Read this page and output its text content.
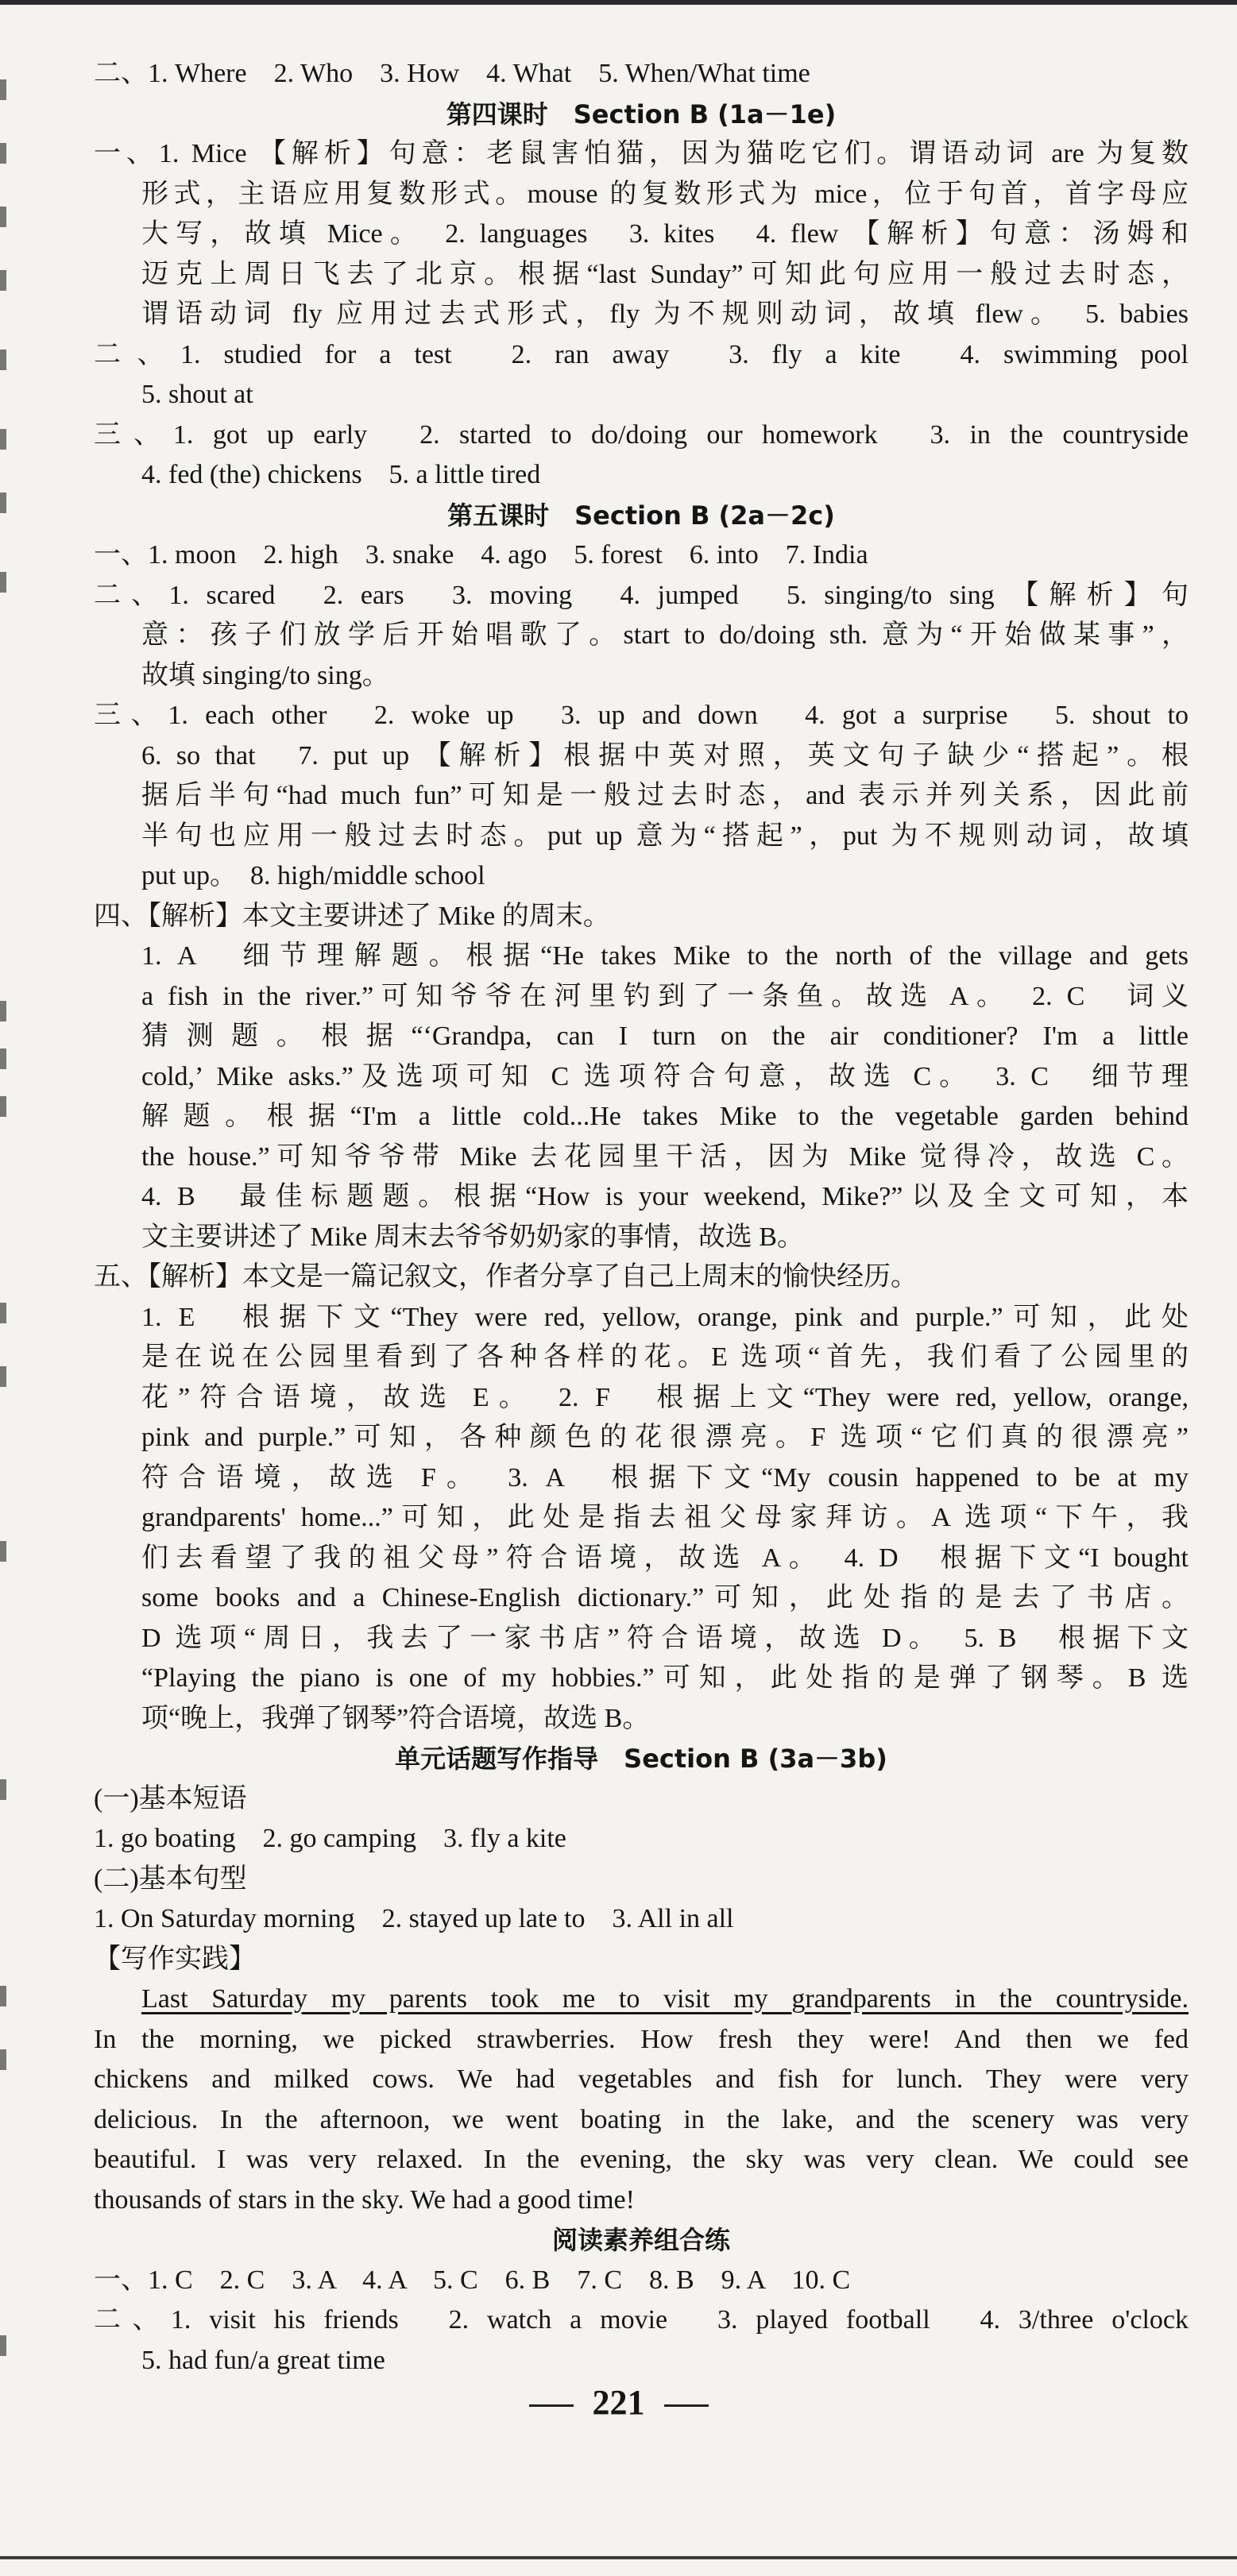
二、1. Where　2. Who　3. How　4. What　5. When/What time
第四课时　Section B (1a－1e)
一、1. Mice 【解析】句意：老鼠害怕猫，因为猫吃它们。谓语动词 are 为复数
形式，主语应用复数形式。mouse 的复数形式为 mice，位于句首，首字母应
大写，故填 Mice。　2. languages　3. kites　4. flew 【解析】句意：汤姆和
迈克上周日飞去了北京。根据“last Sunday”可知此句应用一般过去时态，
谓语动词 fly 应用过去式形式，fly 为不规则动词，故填 flew。　5. babies
二、1. studied for a test　2. ran away　3. fly a kite　4. swimming pool
5. shout at
三、1. got up early　2. started to do/doing our homework　3. in the countryside
4. fed (the) chickens　5. a little tired
第五课时　Section B (2a－2c)
一、1. moon　2. high　3. snake　4. ago　5. forest　6. into　7. India
二、1. scared　2. ears　3. moving　4. jumped　5. singing/to sing 【解析】句
意：孩子们放学后开始唱歌了。start to do/doing sth. 意为“开始做某事”，
故填 singing/to sing。
三、1. each other　2. woke up　3. up and down　4. got a surprise　5. shout to
6. so that　7. put up 【解析】根据中英对照，英文句子缺少“搭起”。根
据后半句“had much fun”可知是一般过去时态，and 表示并列关系，因此前
半句也应用一般过去时态。put up 意为“搭起”，put 为不规则动词，故填
put up。　8. high/middle school
四、【解析】本文主要讲述了 Mike 的周末。
1. A　细节理解题。根据“He takes Mike to the north of the village and gets
a fish in the river.”可知爷爷在河里钓到了一条鱼。故选 A。　2. C　词义
猜测题。根据“‘Grandpa, can I turn on the air conditioner? I'm a little
cold,’ Mike asks.”及选项可知 C 选项符合句意，故选 C。　3. C　细节理
解题。根据“I'm a little cold...He takes Mike to the vegetable garden behind
the house.”可知爷爷带 Mike 去花园里干活，因为 Mike 觉得冷，故选 C。
4. B　最佳标题题。根据“How is your weekend, Mike?”以及全文可知，本
文主要讲述了 Mike 周末去爷爷奶奶家的事情，故选 B。
五、【解析】本文是一篇记叙文，作者分享了自己上周末的愉快经历。
1. E　根据下文“They were red, yellow, orange, pink and purple.”可知，此处
是在说在公园里看到了各种各样的花。E 选项“首先，我们看了公园里的
花”符合语境，故选 E。　2. F　根据上文“They were red, yellow, orange,
pink and purple.”可知，各种颜色的花很漂亮。F 选项“它们真的很漂亮”
符合语境，故选 F。　3. A　根据下文“My cousin happened to be at my
grandparents' home...”可知，此处是指去祖父母家拜访。A 选项“下午，我
们去看望了我的祖父母”符合语境，故选 A。　4. D　根据下文“I bought
some books and a Chinese-English dictionary.”可知，此处指的是去了书店。
D 选项“周日，我去了一家书店”符合语境，故选 D。　5. B　根据下文
“Playing the piano is one of my hobbies.”可知，此处指的是弹了钢琴。B 选
项“晚上，我弹了钢琴”符合语境，故选 B。
单元话题写作指导　Section B (3a－3b)
(一)基本短语
1. go boating　2. go camping　3. fly a kite
(二)基本句型
1. On Saturday morning　2. stayed up late to　3. All in all
【写作实践】
Last Saturday my parents took me to visit my grandparents in the countryside.
In the morning, we picked strawberries. How fresh they were! And then we fed
chickens and milked cows. We had vegetables and fish for lunch. They were very
delicious. In the afternoon, we went boating in the lake, and the scenery was very
beautiful. I was very relaxed. In the evening, the sky was very clean. We could see
thousands of stars in the sky. We had a good time!
阅读素养组合练
一、1. C　2. C　3. A　4. A　5. C　6. B　7. C　8. B　9. A　10. C
二、1. visit his friends　2. watch a movie　3. played football　4. 3/three o'clock
5. had fun/a great time
221
